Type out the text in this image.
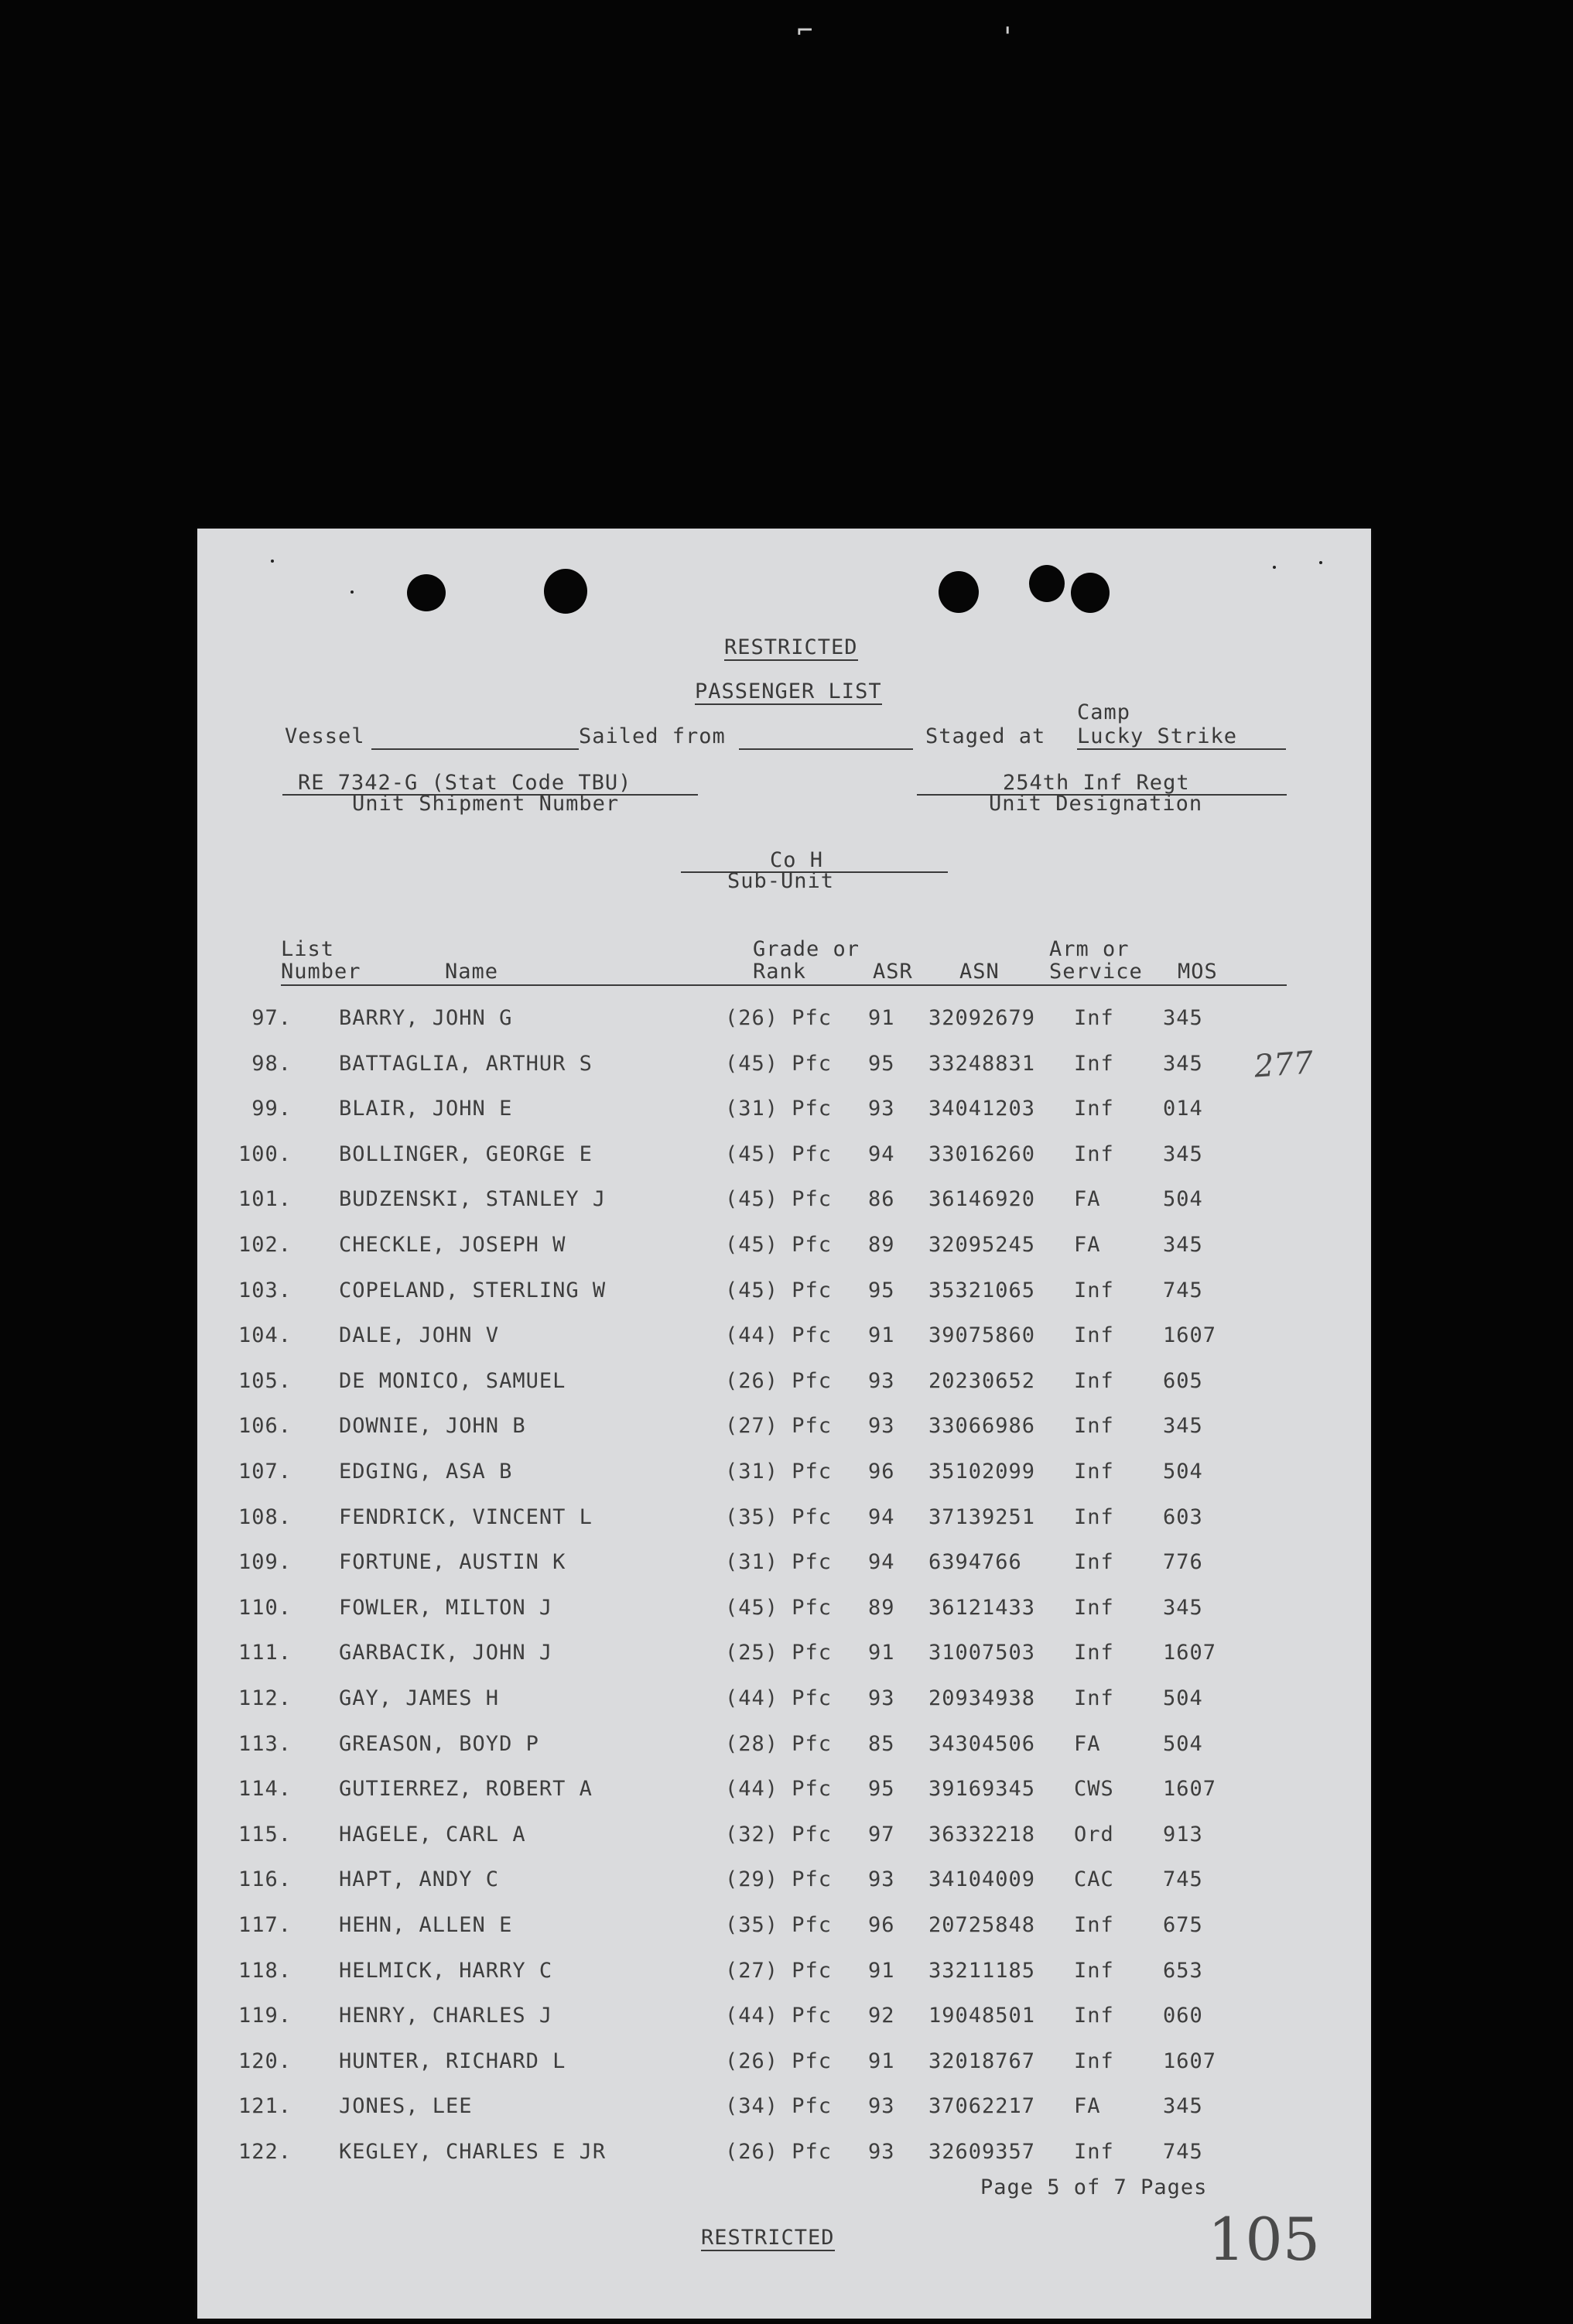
⌐	'
RESTRICTED
PASSENGER LIST
Camp
Vessel	Sailed from	Staged at Lucky Strike
RE 7342-G (Stat Code TBU)
Unit Shipment Number
254th Inf Regt
Unit Designation
Co H
Sub-Unit
List
Number	Name
Grade or
Rank	ASR ASN
Arm or
Service MOS
97. BARRY, JOHN G	(26) Pfc 91 32092679 Inf 345
98. BATTAGLIA, ARTHUR S	(45) Pfc 95 33248831 Inf 345
99. BLAIR, JOHN E	(31) Pfc 93 34041203 Inf 014
100. BOLLINGER, GEORGE E	(45) Pfc 94 33016260 Inf 345
101. BUDZENSKI, STANLEY J	(45) Pfc 86 36146920 FA	504
102. CHECKLE, JOSEPH W	(45) Pfc 89 32095245 FA	345
103. COPELAND, STERLING W	(45) Pfc 95 35321065 Inf 745
104. DALE, JOHN V	(44) Pfc 91 39075860 Inf 1607
105. DE MONICO, SAMUEL	(26) Pfc 93 20230652 Inf 605
106. DOWNIE, JOHN B	(27) Pfc 93 33066986 Inf 345
107. EDGING, ASA B	(31) Pfc 96 35102099 Inf 504
108. FENDRICK, VINCENT L	(35) Pfc 94 37139251 Inf 603
109. FORTUNE, AUSTIN K	(31) Pfc 94 6394766 Inf 776
110. FOWLER, MILTON J	(45) Pfc 89 36121433 Inf 345
111. GARBACIK, JOHN J	(25) Pfc 91 31007503 Inf 1607
112. GAY, JAMES H	(44) Pfc 93 20934938 Inf 504
113. GREASON, BOYD P	(28) Pfc 85 34304506 FA	504
114. GUTIERREZ, ROBERT A	(44) Pfc 95 39169345 CWS 1607
115. HAGELE, CARL A	(32) Pfc 97 36332218 Ord 913
116. HAPT, ANDY C	(29) Pfc 93 34104009 CAC 745
117. HEHN, ALLEN E	(35) Pfc 96 20725848 Inf 675
118. HELMICK, HARRY C	(27) Pfc 91 33211185 Inf 653
119. HENRY, CHARLES J	(44) Pfc 92 19048501 Inf 060
120. HUNTER, RICHARD L	(26) Pfc 91 32018767 Inf 1607
121. JONES, LEE	(34) Pfc 93 37062217 FA	345
122. KEGLEY, CHARLES E JR	(26) Pfc 93 32609357 Inf 745
Page 5 of 7 Pages
RESTRICTED
277
105
